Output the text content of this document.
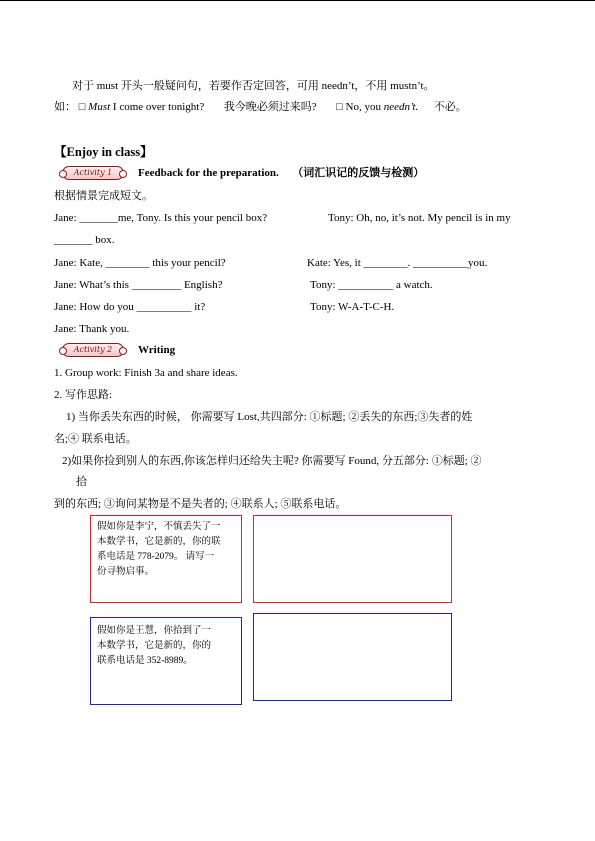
对于 must 开头一般疑问句，若要作否定回答，可用 needn’t，不用 mustn’t。
如： □ Must I come over tonight? 我今晚必须过来吗? □ No, you needn’t. 不必。
【Enjoy in class】
Activity 1	Feedback for the preparation. （词汇识记的反馈与检测）
根据情景完成短文。
Jane: _______me, Tony. Is this your pencil box?	Tony: Oh, no, it’s not. My pencil is in my
_______ box.
Jane: Kate, ________ this your pencil?	Kate: Yes, it ________. __________you.
Jane: What’s this _________ English?	Tony: __________ a watch.
Jane: How do you __________ it?	Tony: W-A-T-C-H.
Jane: Thank you.
Activity 2	Writing
1. Group work: Finish 3a and share ideas.
2. 写作思路:
1) 当你丢失东西的时候， 你需要写 Lost,共四部分: ①标题; ②丢失的东西;③失者的姓
名;④ 联系电话。
2)如果你捡到别人的东西,你该怎样归还给失主呢? 你需要写 Found, 分五部分: ①标题; ②
拾
到的东西; ③询问某物是不是失者的; ④联系人; ⑤联系电话。
假如你是李宁，不慎丢失了一
本数学书，它是新的，你的联
系电话是 778-2079。 请写一
份寻物启事。
假如你是王慧，你拾到了一
本数学书，它是新的，你的
联系电话是 352-8989。
